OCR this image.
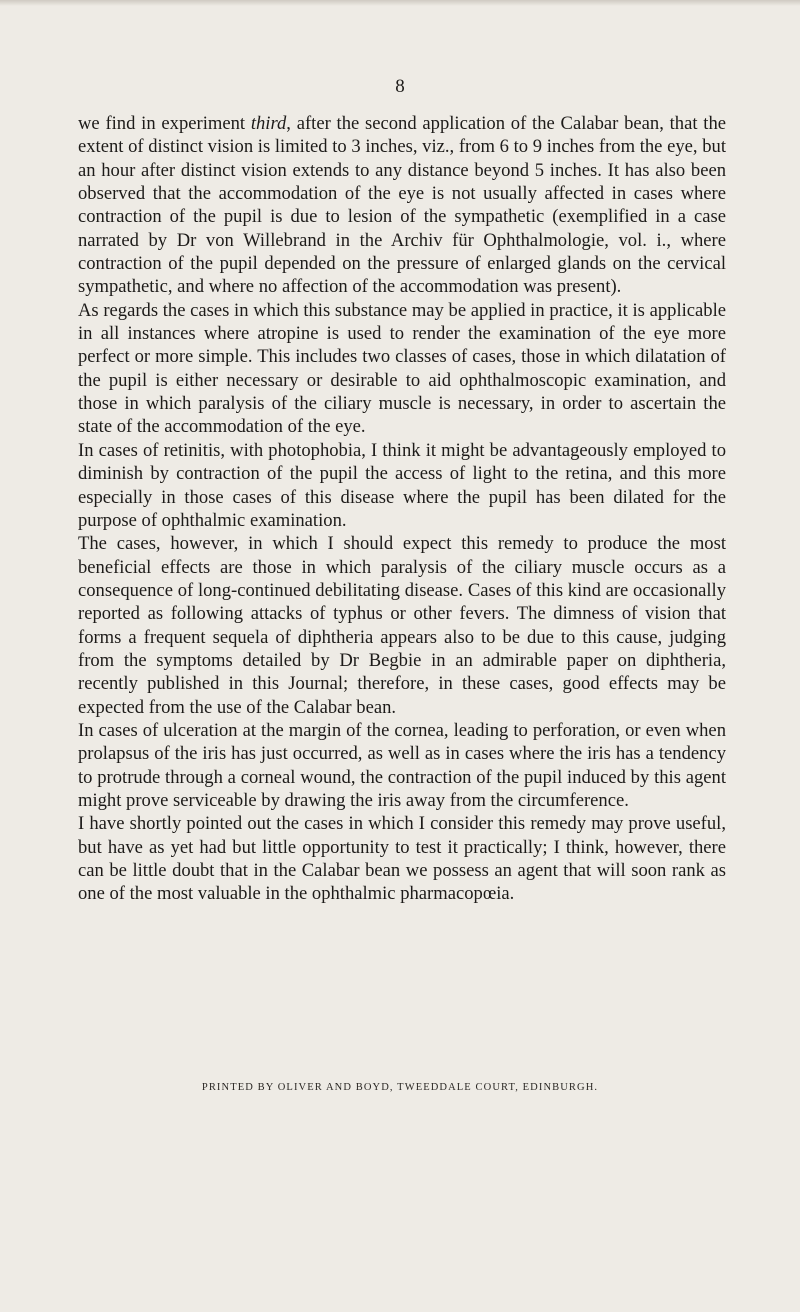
8

we find in experiment third, after the second application of the Calabar bean, that the extent of distinct vision is limited to 3 inches, viz., from 6 to 9 inches from the eye, but an hour after distinct vision extends to any distance beyond 5 inches. It has also been observed that the accommodation of the eye is not usually affected in cases where contraction of the pupil is due to lesion of the sympathetic (exemplified in a case narrated by Dr von Willebrand in the Archiv für Ophthalmologie, vol. i., where contraction of the pupil depended on the pressure of enlarged glands on the cervical sympathetic, and where no affection of the accommodation was present).

As regards the cases in which this substance may be applied in practice, it is applicable in all instances where atropine is used to render the examination of the eye more perfect or more simple. This includes two classes of cases, those in which dilatation of the pupil is either necessary or desirable to aid ophthalmoscopic examination, and those in which paralysis of the ciliary muscle is necessary, in order to ascertain the state of the accommodation of the eye.

In cases of retinitis, with photophobia, I think it might be advantageously employed to diminish by contraction of the pupil the access of light to the retina, and this more especially in those cases of this disease where the pupil has been dilated for the purpose of ophthalmic examination.

The cases, however, in which I should expect this remedy to produce the most beneficial effects are those in which paralysis of the ciliary muscle occurs as a consequence of long-continued debilitating disease. Cases of this kind are occasionally reported as following attacks of typhus or other fevers. The dimness of vision that forms a frequent sequela of diphtheria appears also to be due to this cause, judging from the symptoms detailed by Dr Begbie in an admirable paper on diphtheria, recently published in this Journal; therefore, in these cases, good effects may be expected from the use of the Calabar bean.

In cases of ulceration at the margin of the cornea, leading to perforation, or even when prolapsus of the iris has just occurred, as well as in cases where the iris has a tendency to protrude through a corneal wound, the contraction of the pupil induced by this agent might prove serviceable by drawing the iris away from the circumference.

I have shortly pointed out the cases in which I consider this remedy may prove useful, but have as yet had but little opportunity to test it practically; I think, however, there can be little doubt that in the Calabar bean we possess an agent that will soon rank as one of the most valuable in the ophthalmic pharmacopœia.

PRINTED BY OLIVER AND BOYD, TWEEDDALE COURT, EDINBURGH.
